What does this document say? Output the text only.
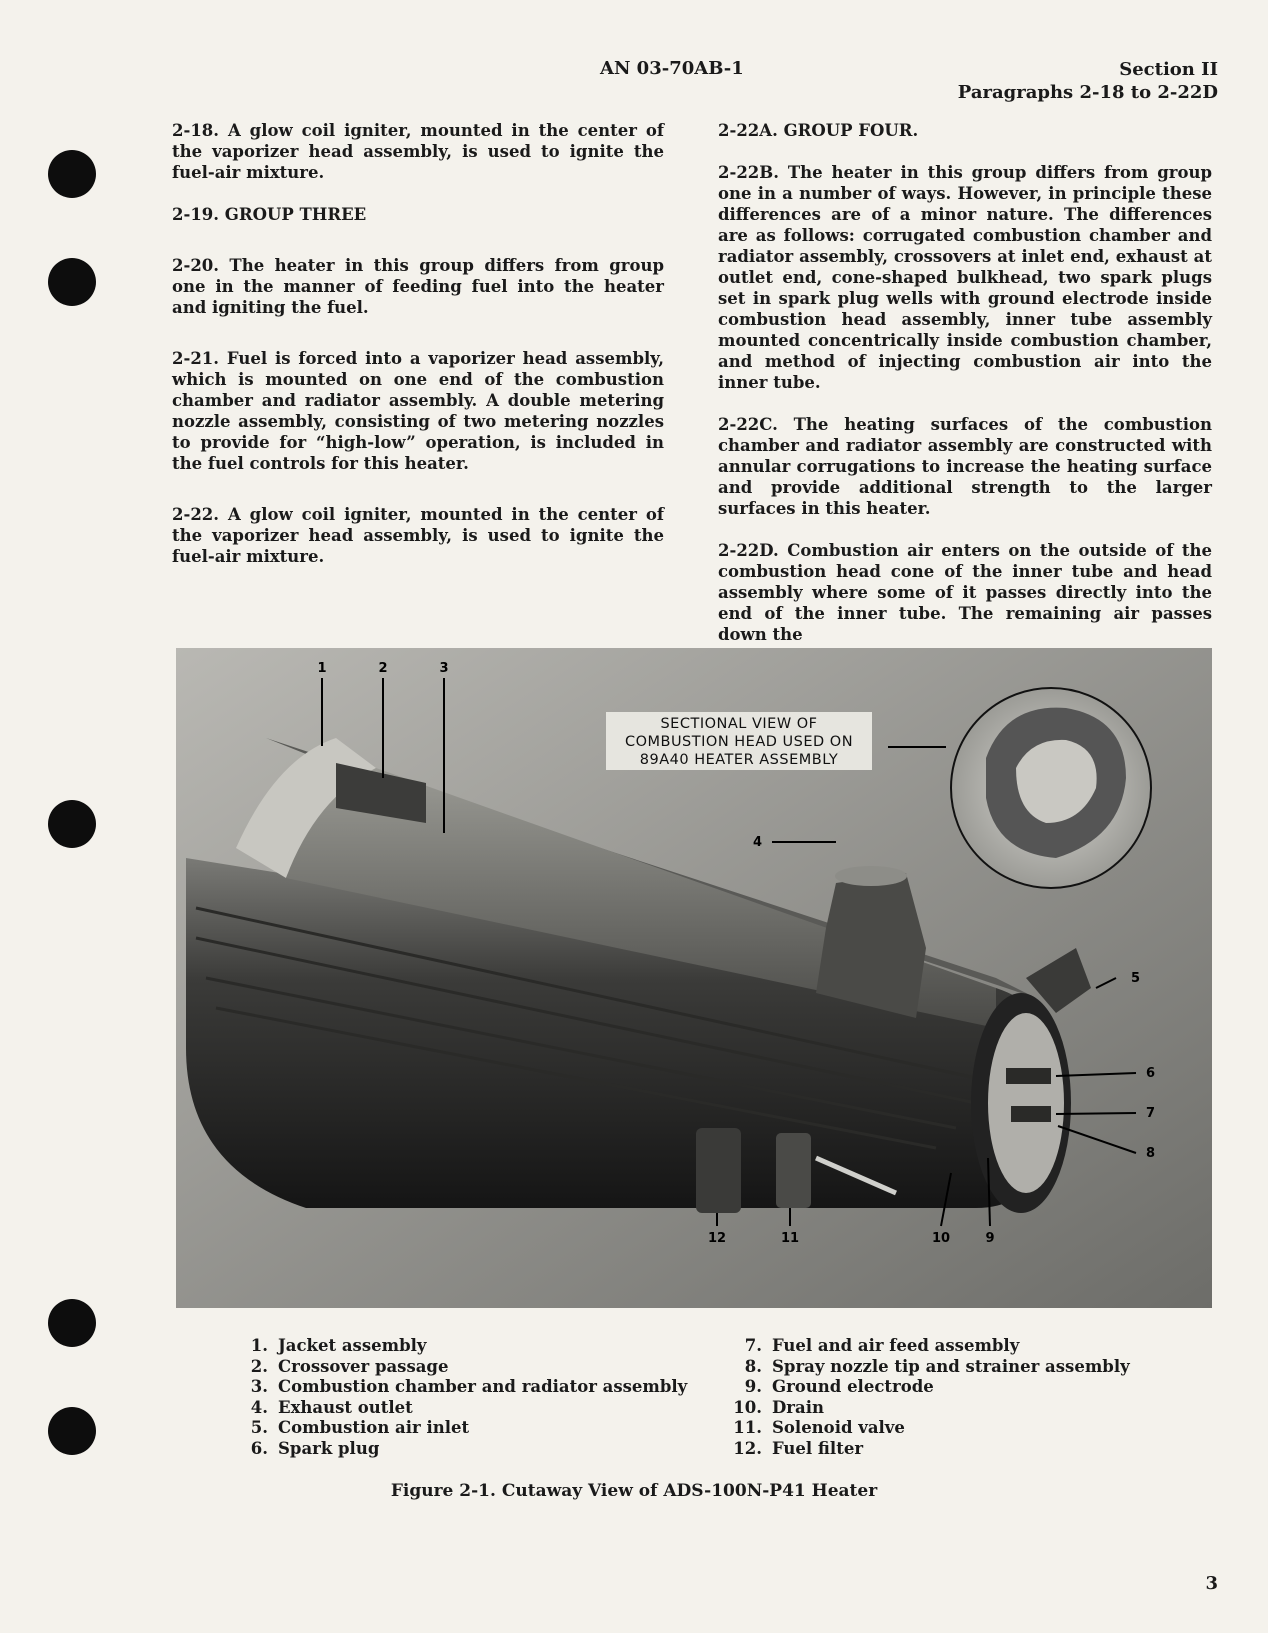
AN 03-70AB-1	Section II
Paragraphs 2-18 to 2-22D

2-18. A glow coil igniter, mounted in the center of the vaporizer head assembly, is used to ignite the fuel-air mixture.

2-19. GROUP THREE

2-20. The heater in this group differs from group one in the manner of feeding fuel into the heater and igniting the fuel.

2-21. Fuel is forced into a vaporizer head assembly, which is mounted on one end of the combustion chamber and radiator assembly. A double metering nozzle assembly, consisting of two metering nozzles to provide for “high-low” operation, is included in the fuel controls for this heater.

2-22. A glow coil igniter, mounted in the center of the vaporizer head assembly, is used to ignite the fuel-air mixture.

2-22A. GROUP FOUR.

2-22B. The heater in this group differs from group one in a number of ways. However, in principle these differences are of a minor nature. The differences are as follows: corrugated combustion chamber and radiator assembly, crossovers at inlet end, exhaust at outlet end, cone-shaped bulkhead, two spark plugs set in spark plug wells with ground electrode inside combustion head assembly, inner tube assembly mounted concentrically inside combustion chamber, and method of injecting combustion air into the inner tube.

2-22C. The heating surfaces of the combustion chamber and radiator assembly are constructed with annular corrugations to increase the heating surface and provide additional strength to the larger surfaces in this heater.

2-22D. Combustion air enters on the outside of the combustion head cone of the inner tube and head assembly where some of it passes directly into the end of the inner tube. The remaining air passes down the

SECTIONAL VIEW OF
COMBUSTION HEAD USED ON
89A40 HEATER ASSEMBLY
1	2	3
4
5
6
7
8
9
10
11
12
1. Jacket assembly
2. Crossover passage
3. Combustion chamber and radiator assembly
4. Exhaust outlet
5. Combustion air inlet
6. Spark plug
7. Fuel and air feed assembly
8. Spray nozzle tip and strainer assembly
9. Ground electrode
10. Drain
11. Solenoid valve
12. Fuel filter
Figure 2-1. Cutaway View of ADS-100N-P41 Heater
3
